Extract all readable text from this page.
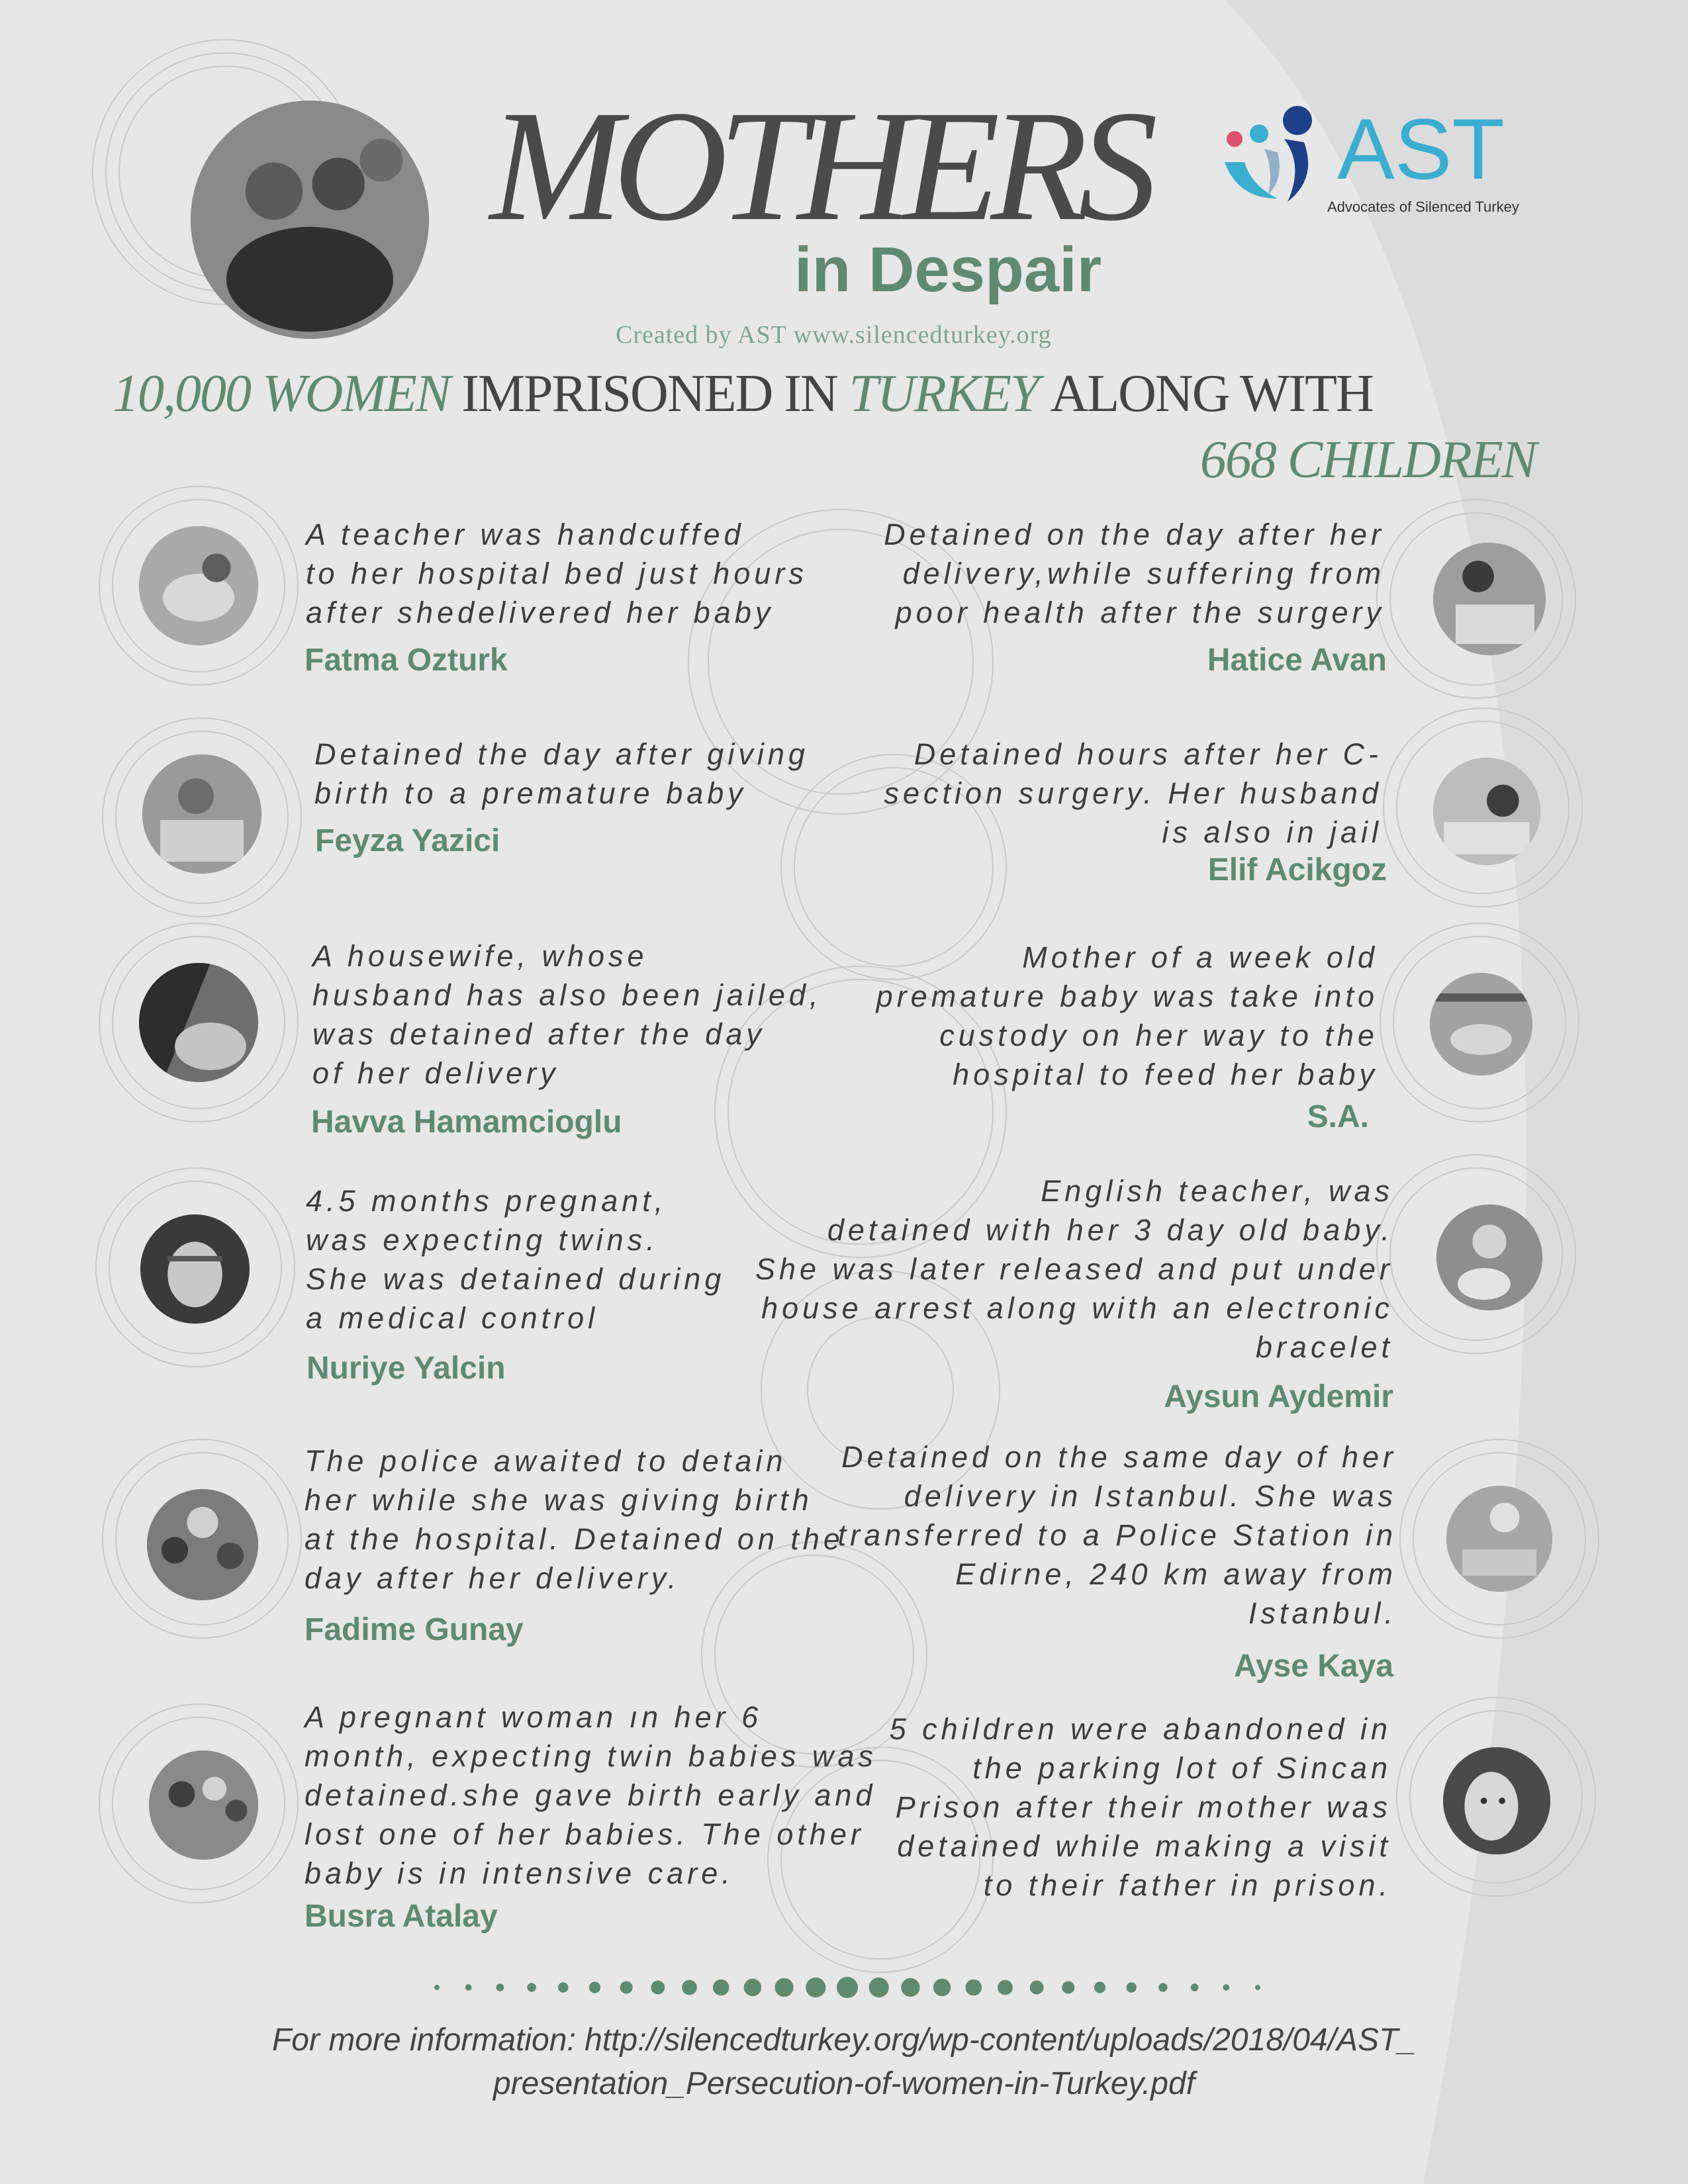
MOTHERS
in Despair
Created by AST www.silencedturkey.org
AST
Advocates of Silenced Turkey
10,000 WOMEN IMPRISONED IN TURKEY ALONG WITH
668 CHILDREN
A teacher was handcuffed
to her hospital bed just hours
after shedelivered her baby
Fatma Ozturk
Detained the day after giving
birth to a premature baby
Feyza Yazici
A housewife, whose
husband has also been jailed,
was detained after the day
of her delivery
Havva Hamamcioglu
4.5 months pregnant,
was expecting twins.
She was detained during
a medical control
Nuriye Yalcin
The police awaited to detain
her while she was giving birth
at the hospital. Detained on the
day after her delivery.
Fadime Gunay
A pregnant woman ın her 6
month, expecting twin babies was
detained.she gave birth early and
lost one of her babies. The other
baby is in intensive care.
Busra Atalay
Detained on the day after her
delivery,while suffering from
poor health after the surgery
Hatice Avan
Detained hours after her C-
section surgery. Her husband
is also in jail
Elif Acikgoz
Mother of a week old
premature baby was take into
custody on her way to the
hospital to feed her baby
S.A.
English teacher, was
detained with her 3 day old baby.
She was later released and put under
house arrest along with an electronic
bracelet
Aysun Aydemir
Detained on the same day of her
delivery in Istanbul. She was
transferred to a Police Station in
Edirne, 240 km away from
Istanbul.
Ayse Kaya
5 children were abandoned in
the parking lot of Sincan
Prison after their mother was
detained while making a visit
to their father in prison.
For more information: http://silencedturkey.org/wp-content/uploads/2018/04/AST_
presentation_Persecution-of-women-in-Turkey.pdf
